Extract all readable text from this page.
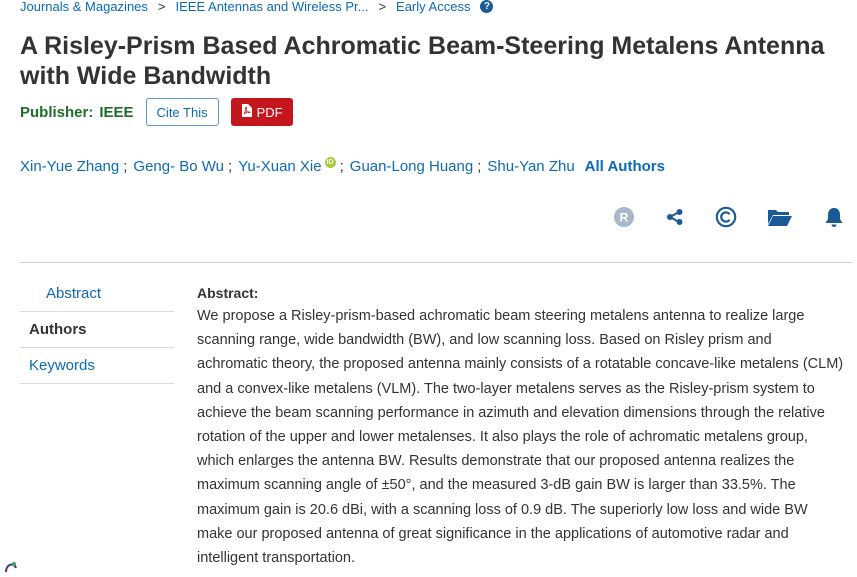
Journals & Magazines > IEEE Antennas and Wireless Pr... > Early Access	?
A Risley-Prism Based Achromatic Beam-Steering Metalens Antenna with Wide Bandwidth
Publisher: IEEE	Cite This	PDF
Xin-Yue Zhang ; Geng- Bo Wu ; Yu-Xuan Xie iD ; Guan-Long Huang ; Shu-Yan Zhu All Authors
R
Abstract
Authors
Keywords
Abstract:

We propose a Risley-prism-based achromatic beam steering metalens antenna to realize large scanning range, wide bandwidth (BW), and low scanning loss. Based on Risley prism and achromatic theory, the proposed antenna mainly consists of a rotatable concave-like metalens (CLM) and a convex-like metalens (VLM). The two-layer metalens serves as the Risley-prism system to achieve the beam scanning performance in azimuth and elevation dimensions through the relative rotation of the upper and lower metalenses. It also plays the role of achromatic metalens group, which enlarges the antenna BW. Results demonstrate that our proposed antenna realizes the maximum scanning angle of ±50°, and the measured 3-dB gain BW is larger than 33.5%. The maximum gain is 20.6 dBi, with a scanning loss of 0.9 dB. The superiorly low loss and wide BW make our proposed antenna of great significance in the applications of automotive radar and intelligent transportation.
